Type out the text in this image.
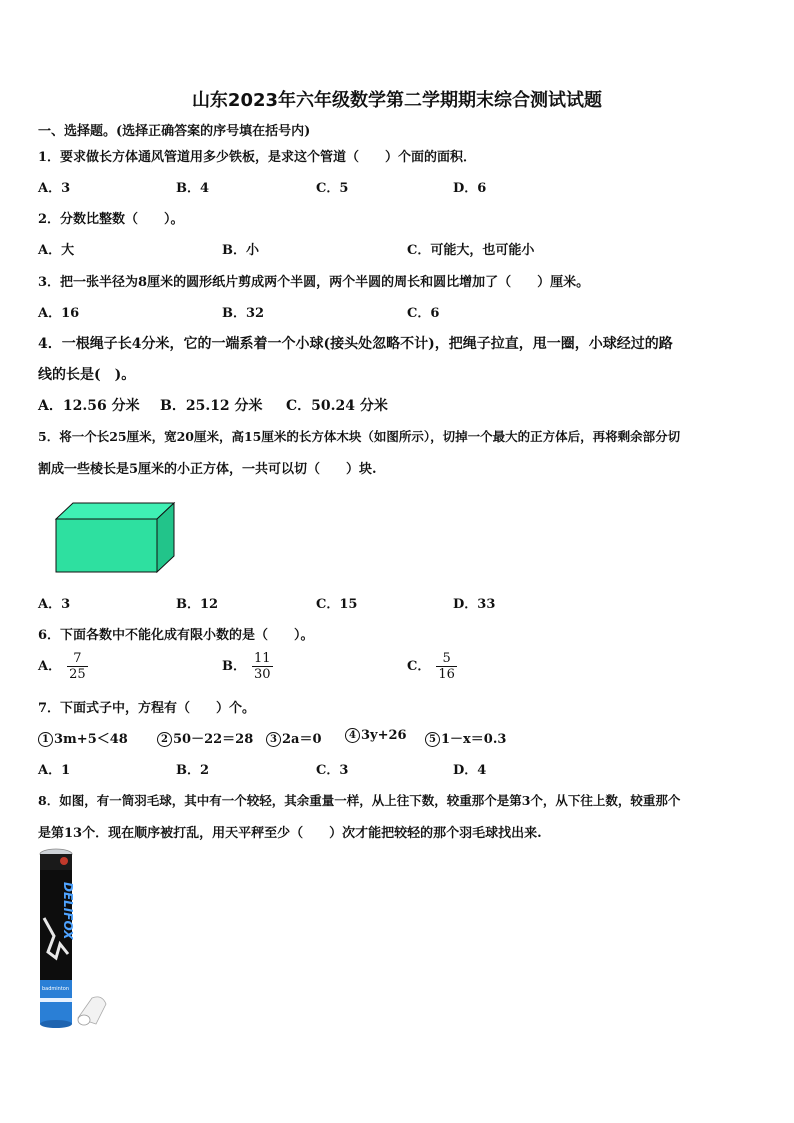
山东2023年六年级数学第二学期期末综合测试试题
一、选择题。(选择正确答案的序号填在括号内)
1．要求做长方体通风管道用多少铁板，是求这个管道（　　）个面的面积．
A．3	B．4	C．5	D．6
2．分数比整数（　　）。
A．大	B．小	C．可能大，也可能小
3．把一张半径为8厘米的圆形纸片剪成两个半圆，两个半圆的周长和圆比增加了（　　）厘米。
A．16	B．32	C．6
4．一根绳子长4分米，它的一端系着一个小球(接头处忽略不计)，把绳子拉直，甩一圈，小球经过的路
线的长是(　)。
A．12.56 分米 B．25.12 分米 C．50.24 分米
5．将一个长25厘米，宽20厘米，高15厘米的长方体木块（如图所示），切掉一个最大的正方体后，再将剩余部分切
割成一些棱长是5厘米的小正方体，一共可以切（　　）块.
A．3	B．12	C．15	D．33
6．下面各数中不能化成有限小数的是（　　）。
A． $\frac{7}{25}$	B． $\frac{11}{30}$	C． $\frac{5}{16}$
7．下面式子中，方程有（　　）个。
1 3m+5＜48	2 50－22＝28	3 2a＝0	4 3y+26	5 1－x＝0.3
A．1	B．2	C．3	D．4
8．如图，有一筒羽毛球，其中有一个较轻，其余重量一样，从上往下数，较重那个是第3个，从下往上数，较重那个
是第13个．现在顺序被打乱，用天平秤至少（　　）次才能把较轻的那个羽毛球找出来.
DELIFOX
badminton
